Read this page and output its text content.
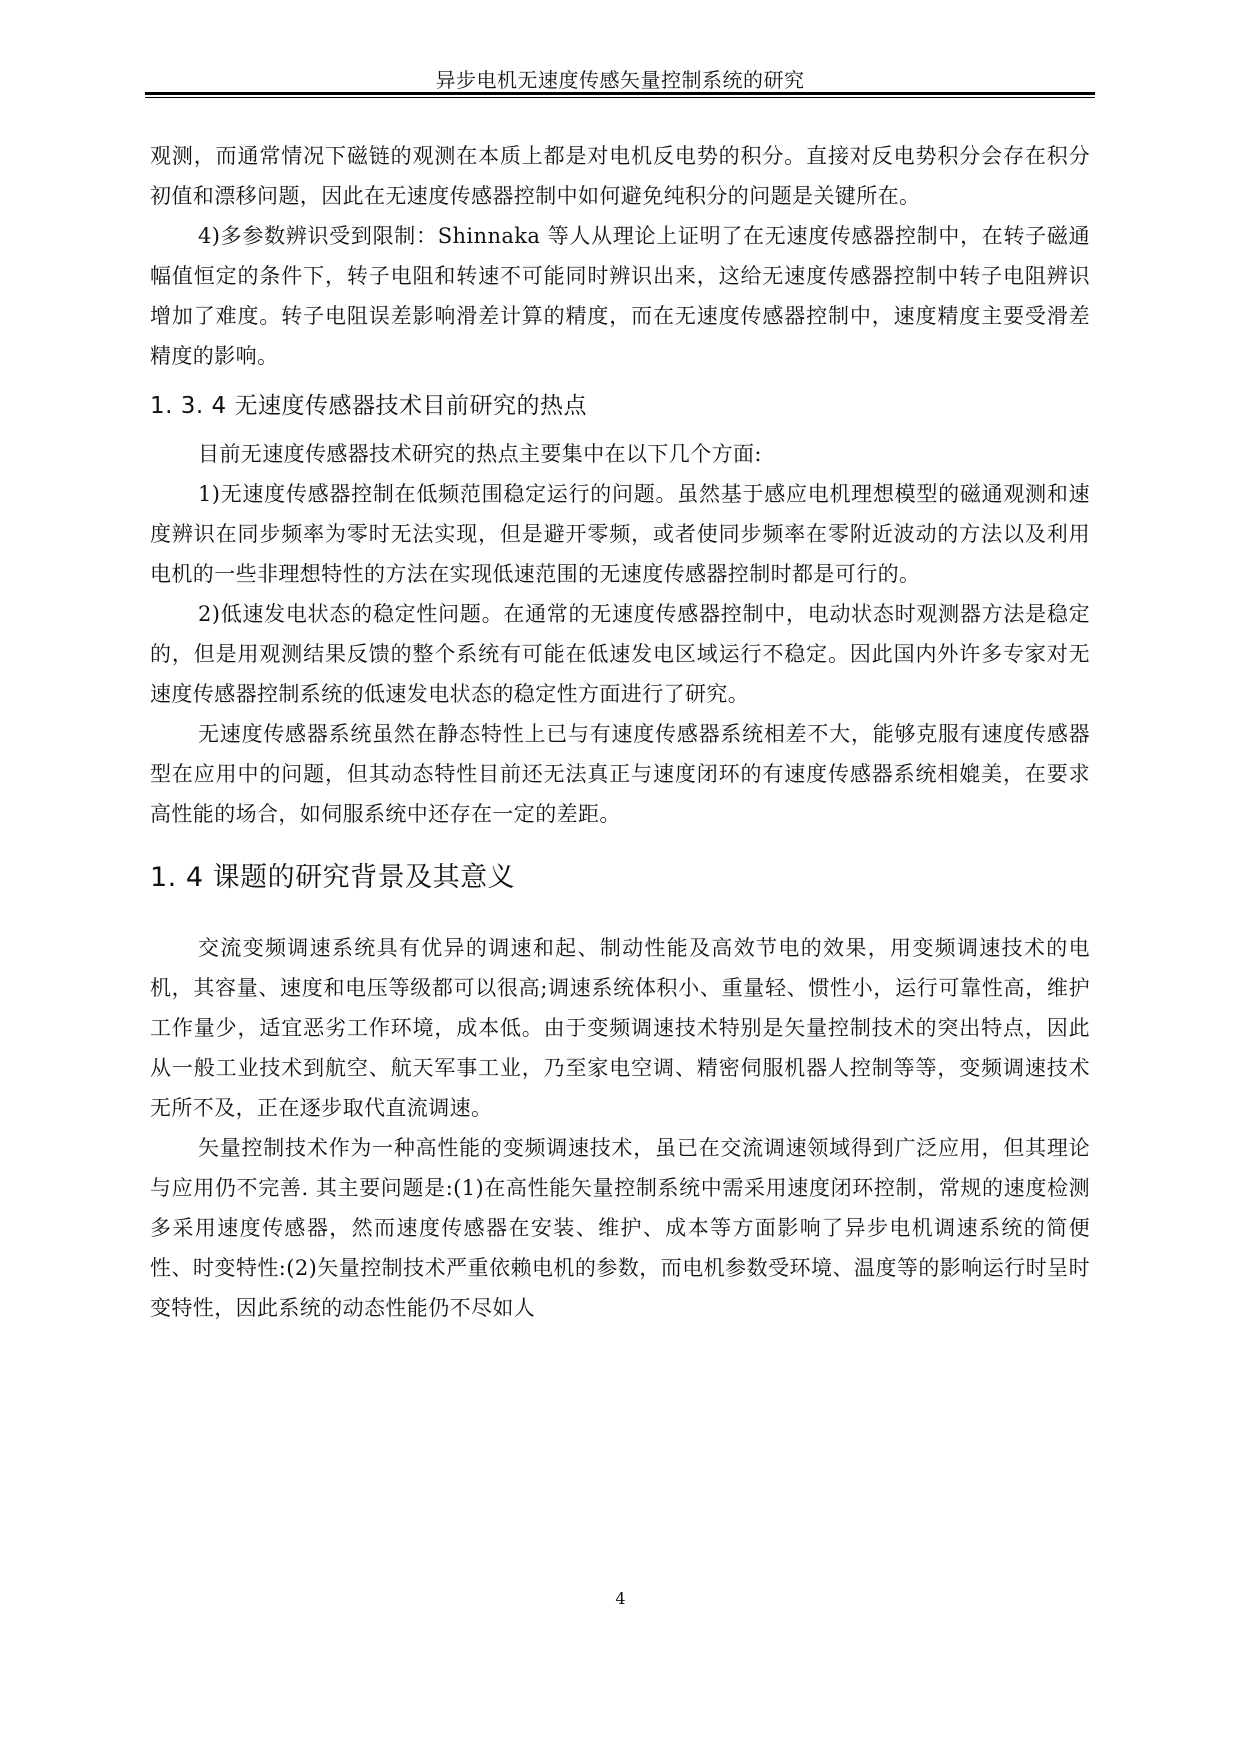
异步电机无速度传感矢量控制系统的研究

观测，而通常情况下磁链的观测在本质上都是对电机反电势的积分。直接对反电势积分会存在积分初值和漂移问题，因此在无速度传感器控制中如何避免纯积分的问题是关键所在。

4)多参数辨识受到限制：Shinnaka 等人从理论上证明了在无速度传感器控制中，在转子磁通幅值恒定的条件下，转子电阻和转速不可能同时辨识出来，这给无速度传感器控制中转子电阻辨识增加了难度。转子电阻误差影响滑差计算的精度，而在无速度传感器控制中，速度精度主要受滑差精度的影响。

1. 3. 4 无速度传感器技术目前研究的热点

目前无速度传感器技术研究的热点主要集中在以下几个方面:

1)无速度传感器控制在低频范围稳定运行的问题。虽然基于感应电机理想模型的磁通观测和速度辨识在同步频率为零时无法实现，但是避开零频，或者使同步频率在零附近波动的方法以及利用电机的一些非理想特性的方法在实现低速范围的无速度传感器控制时都是可行的。

2)低速发电状态的稳定性问题。在通常的无速度传感器控制中，电动状态时观测器方法是稳定的，但是用观测结果反馈的整个系统有可能在低速发电区域运行不稳定。因此国内外许多专家对无速度传感器控制系统的低速发电状态的稳定性方面进行了研究。

无速度传感器系统虽然在静态特性上已与有速度传感器系统相差不大，能够克服有速度传感器型在应用中的问题，但其动态特性目前还无法真正与速度闭环的有速度传感器系统相媲美，在要求高性能的场合，如伺服系统中还存在一定的差距。

1. 4 课题的研究背景及其意义

交流变频调速系统具有优异的调速和起、制动性能及高效节电的效果，用变频调速技术的电机，其容量、速度和电压等级都可以很高;调速系统体积小、重量轻、惯性小，运行可靠性高，维护工作量少，适宜恶劣工作环境，成本低。由于变频调速技术特别是矢量控制技术的突出特点，因此从一般工业技术到航空、航天军事工业，乃至家电空调、精密伺服机器人控制等等，变频调速技术无所不及，正在逐步取代直流调速。

矢量控制技术作为一种高性能的变频调速技术，虽已在交流调速领域得到广泛应用，但其理论与应用仍不完善. 其主要问题是:(1)在高性能矢量控制系统中需采用速度闭环控制，常规的速度检测多采用速度传感器，然而速度传感器在安装、维护、成本等方面影响了异步电机调速系统的简便性、时变特性:(2)矢量控制技术严重依赖电机的参数，而电机参数受环境、温度等的影响运行时呈时变特性，因此系统的动态性能仍不尽如人

4
